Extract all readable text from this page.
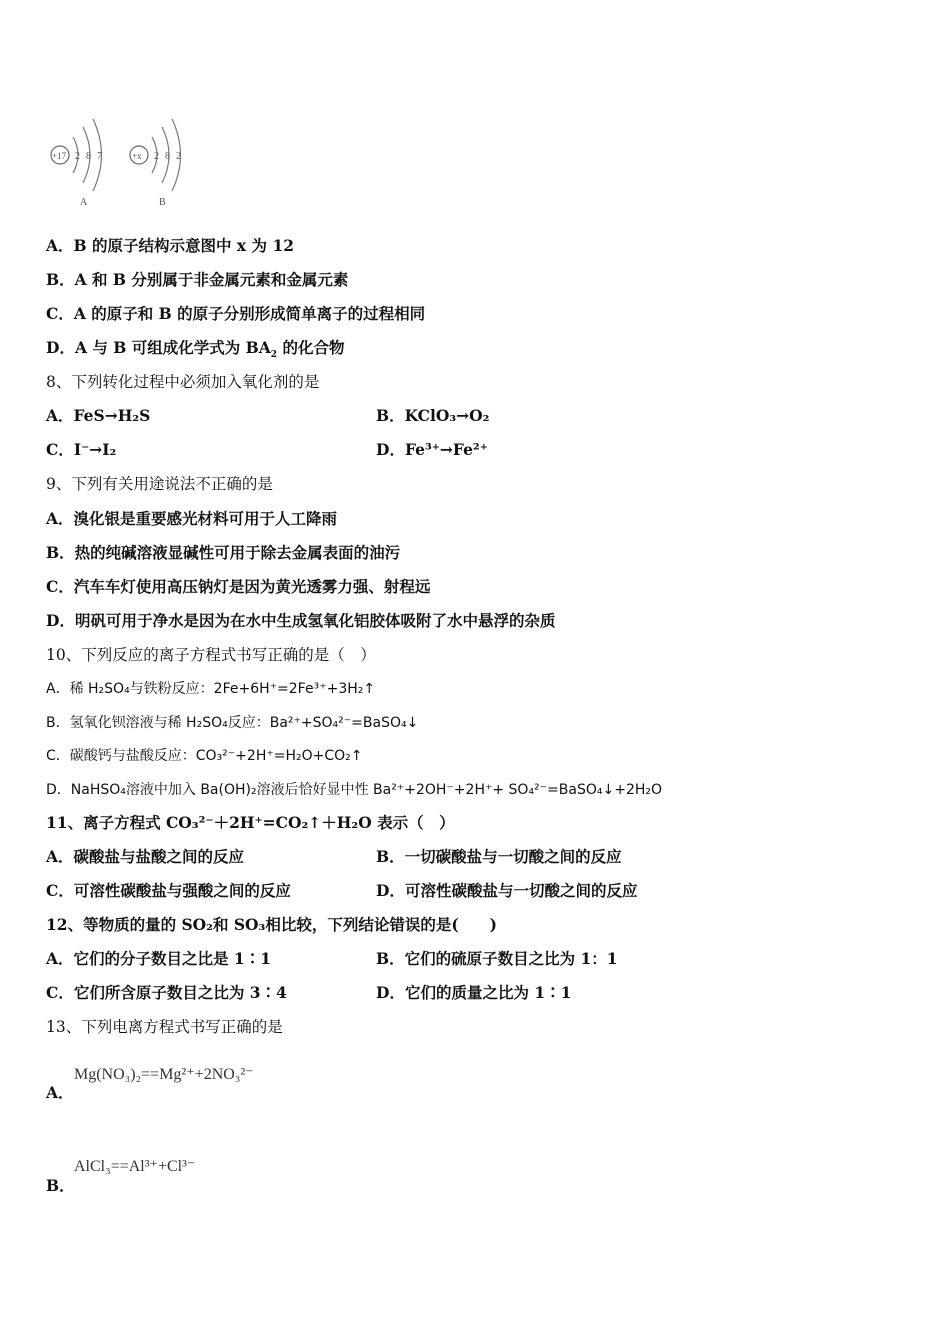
+17 2 8 7
A
+x 2 8 2
B
A．B 的原子结构示意图中 x 为 12
B．A 和 B 分别属于非金属元素和金属元素
C．A 的原子和 B 的原子分别形成简单离子的过程相同
D．A 与 B 可组成化学式为 $BA_2$ 的化合物
8、下列转化过程中必须加入氧化剂的是
A．FeS→H₂S	B．KClO₃→O₂
C．I⁻→I₂	D．Fe³⁺→Fe²⁺
9、下列有关用途说法不正确的是
A．溴化银是重要感光材料可用于人工降雨
B．热的纯碱溶液显碱性可用于除去金属表面的油污
C．汽车车灯使用高压钠灯是因为黄光透雾力强、射程远
D．明矾可用于净水是因为在水中生成氢氧化铝胶体吸附了水中悬浮的杂质
10、下列反应的离子方程式书写正确的是（　）
A．稀 H₂SO₄与铁粉反应：2Fe+6H⁺=2Fe³⁺+3H₂↑
B．氢氧化钡溶液与稀 H₂SO₄反应：Ba²⁺+SO₄²⁻=BaSO₄↓
C．碳酸钙与盐酸反应：CO₃²⁻+2H⁺=H₂O+CO₂↑
D．NaHSO₄溶液中加入 Ba(OH)₂溶液后恰好显中性 Ba²⁺+2OH⁻+2H⁺+ SO₄²⁻=BaSO₄↓+2H₂O
11、离子方程式 CO₃²⁻＋2H⁺=CO₂↑＋H₂O 表示（　）
A．碳酸盐与盐酸之间的反应	B．一切碳酸盐与一切酸之间的反应
C．可溶性碳酸盐与强酸之间的反应	D．可溶性碳酸盐与一切酸之间的反应
12、等物质的量的 SO₂和 SO₃相比较，下列结论错误的是(　　)
A．它们的分子数目之比是 1∶1	B．它们的硫原子数目之比为 1：1
C．它们所含原子数目之比为 3∶4	D．它们的质量之比为 1∶1
13、下列电离方程式书写正确的是
Mg(NO₃)₂==Mg²⁺+2NO₃²⁻
A．
AlCl₃==Al³⁺+Cl³⁻
B．
